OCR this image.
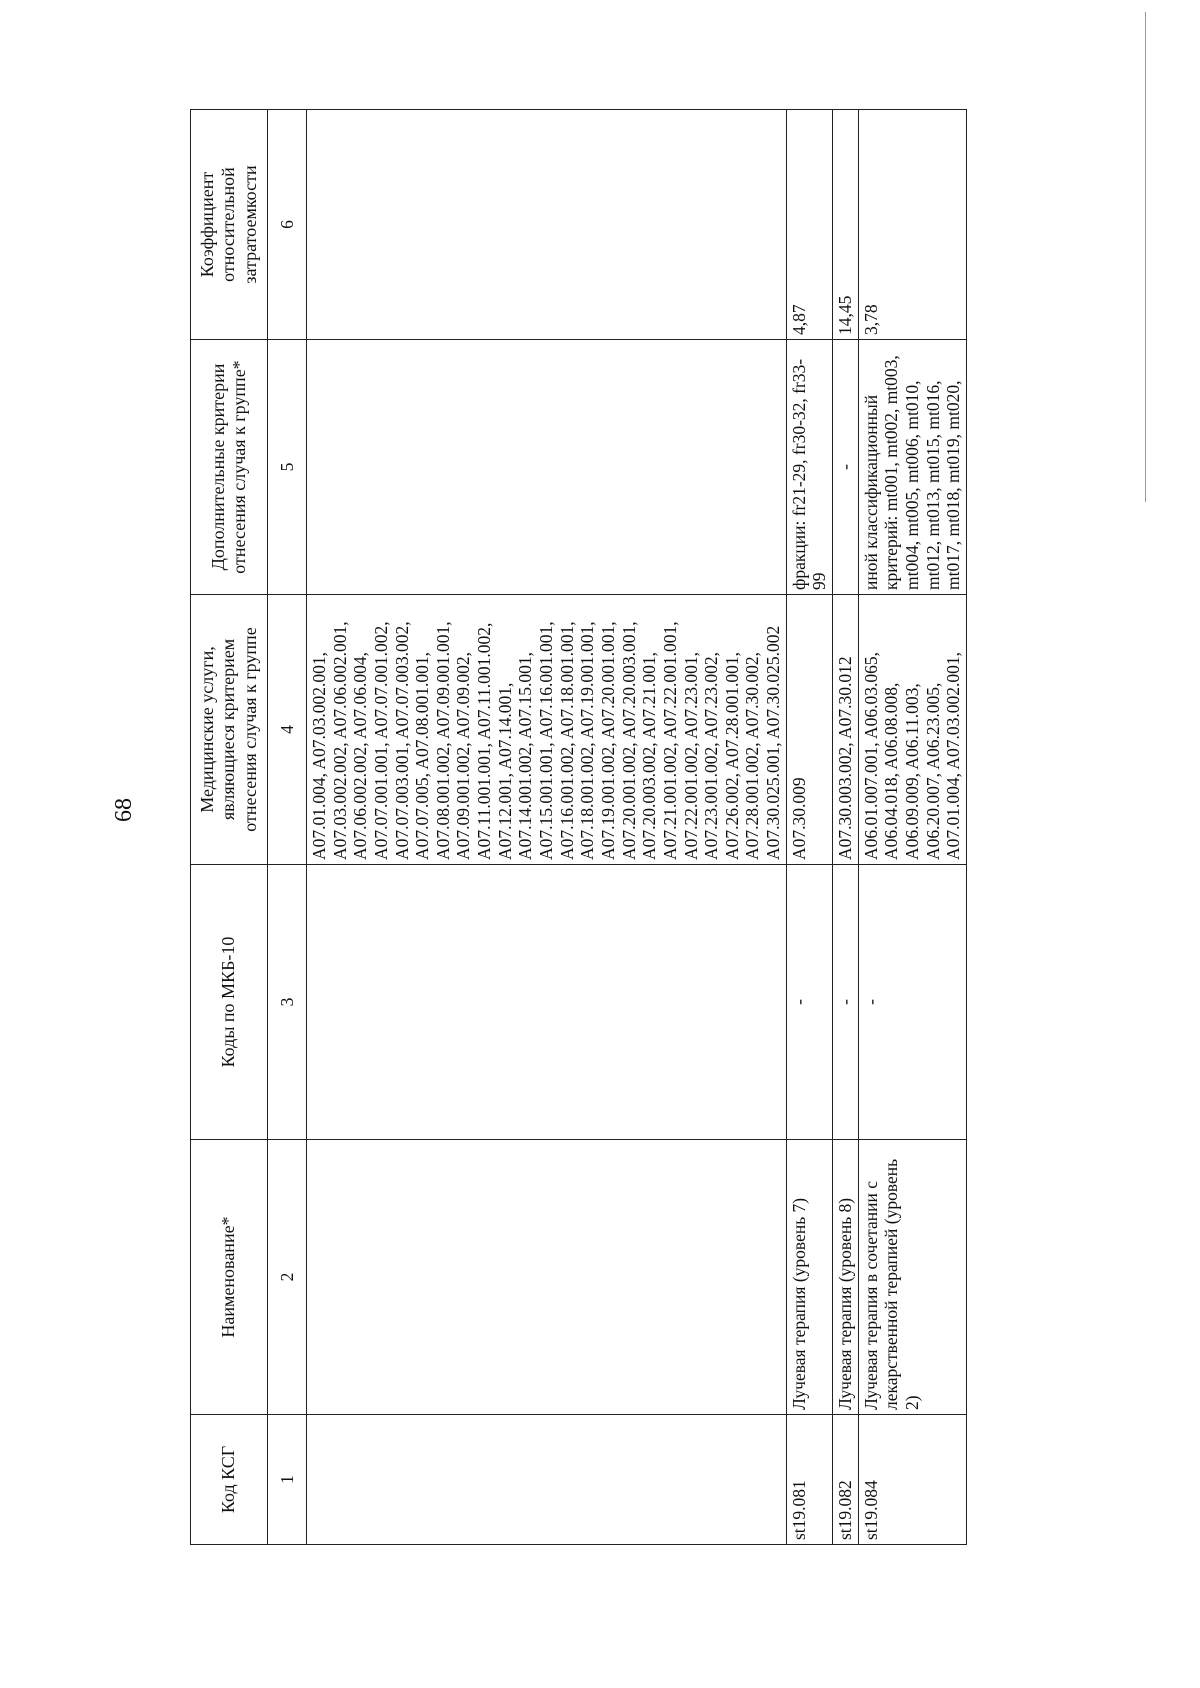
68
Код КСГ	Наименование*	Коды по МКБ-10	Медицинские услуги, являющиеся критерием отнесения случая к группе	Дополнительные критерии отнесения случая к группе*	Коэффициент относительной затратоемкости
1	2	3	4	5	6
			A07.01.004, A07.03.002.001, A07.03.002.002, A07.06.002.001, A07.06.002.002, A07.06.004, A07.07.001.001, A07.07.001.002, A07.07.003.001, A07.07.003.002, A07.07.005, A07.08.001.001, A07.08.001.002, A07.09.001.001, A07.09.001.002, A07.09.002, A07.11.001.001, A07.11.001.002, A07.12.001, A07.14.001, A07.14.001.002, A07.15.001, A07.15.001.001, A07.16.001.001, A07.16.001.002, A07.18.001.001, A07.18.001.002, A07.19.001.001, A07.19.001.002, A07.20.001.001, A07.20.001.002, A07.20.003.001, A07.20.003.002, A07.21.001, A07.21.001.002, A07.22.001.001, A07.22.001.002, A07.23.001, A07.23.001.002, A07.23.002, A07.26.002, A07.28.001.001, A07.28.001.002, A07.30.002, A07.30.025.001, A07.30.025.002		
st19.081	Лучевая терапия (уровень 7)	-	A07.30.009	фракции: fr21-29, fr30-32, fr33-99	4,87
st19.082	Лучевая терапия (уровень 8)	-	A07.30.003.002, A07.30.012	-	14,45
st19.084	Лучевая терапия в сочетании с лекарственной терапией (уровень 2)	-	A06.01.007.001, A06.03.065, A06.04.018, A06.08.008, A06.09.009, A06.11.003, A06.20.007, A06.23.005, A07.01.004, A07.03.002.001,	иной классификационный критерий: mt001, mt002, mt003, mt004, mt005, mt006, mt010, mt012, mt013, mt015, mt016, mt017, mt018, mt019, mt020,	3,78
